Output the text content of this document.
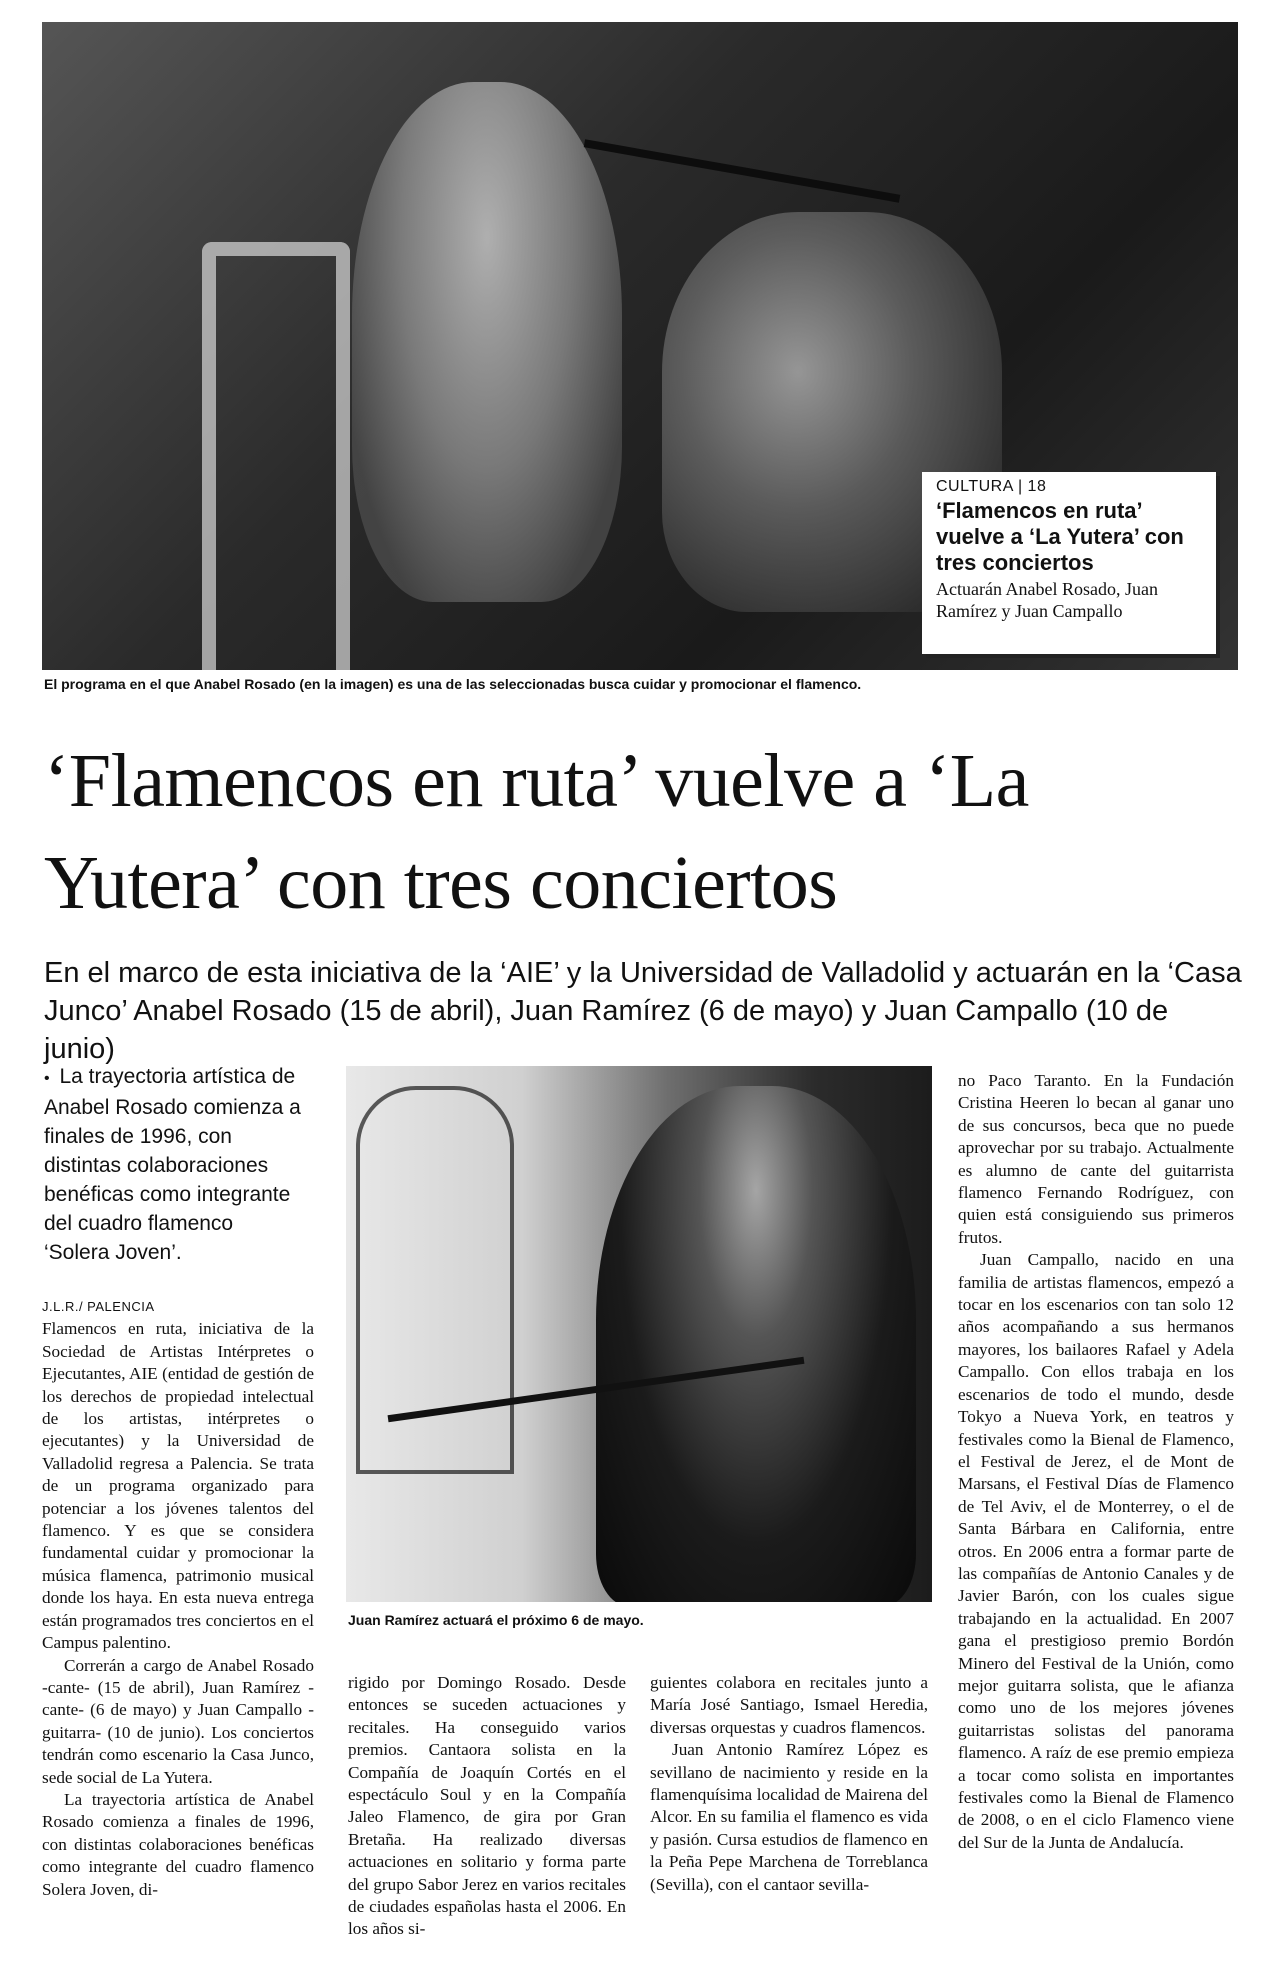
CULTURA | 18
‘Flamencos en ruta’ vuelve a ‘La Yutera’ con tres conciertos
Actuarán Anabel Rosado, Juan Ramírez y Juan Campallo
El programa en el que Anabel Rosado (en la imagen) es una de las seleccionadas busca cuidar y promocionar el flamenco.
‘Flamencos en ruta’ vuelve a ‘La Yutera’ con tres conciertos
En el marco de esta iniciativa de la ‘AIE’ y la Universidad de Valladolid y actuarán en la ‘Casa Junco’ Anabel Rosado (15 de abril), Juan Ramírez (6 de mayo) y Juan Campallo (10 de junio)
• La trayectoria artística de Anabel Rosado comienza a finales de 1996, con distintas colaboraciones benéficas como integrante del cuadro flamenco ‘Solera Joven’.

J.L.R./ PALENCIA

Flamencos en ruta, iniciativa de la Sociedad de Artistas Intérpretes o Ejecutantes, AIE (entidad de gestión de los derechos de propiedad intelectual de los artistas, intérpretes o ejecutantes) y la Universidad de Valladolid regresa a Palencia. Se trata de un programa organizado para potenciar a los jóvenes talentos del flamenco. Y es que se considera fundamental cuidar y promocionar la música flamenca, patrimonio musical donde los haya. En esta nueva entrega están programados tres conciertos en el Campus palentino.

Correrán a cargo de Anabel Rosado -cante- (15 de abril), Juan Ramírez -cante- (6 de mayo) y Juan Campallo -guitarra- (10 de junio). Los conciertos tendrán como escenario la Casa Junco, sede social de La Yutera.

La trayectoria artística de Anabel Rosado comienza a finales de 1996, con distintas colaboraciones benéficas como integrante del cuadro flamenco Solera Joven, di-

Juan Ramírez actuará el próximo 6 de mayo.

rigido por Domingo Rosado. Desde entonces se suceden actuaciones y recitales. Ha conseguido varios premios. Cantaora solista en la Compañía de Joaquín Cortés en el espectáculo Soul y en la Compañía Jaleo Flamenco, de gira por Gran Bretaña. Ha realizado diversas actuaciones en solitario y forma parte del grupo Sabor Jerez en varios recitales de ciudades españolas hasta el 2006. En los años si-

guientes colabora en recitales junto a María José Santiago, Ismael Heredia, diversas orquestas y cuadros flamencos.

Juan Antonio Ramírez López es sevillano de nacimiento y reside en la flamenquísima localidad de Mairena del Alcor. En su familia el flamenco es vida y pasión. Cursa estudios de flamenco en la Peña Pepe Marchena de Torreblanca (Sevilla), con el cantaor sevilla-

no Paco Taranto. En la Fundación Cristina Heeren lo becan al ganar uno de sus concursos, beca que no puede aprovechar por su trabajo. Actualmente es alumno de cante del guitarrista flamenco Fernando Rodríguez, con quien está consiguiendo sus primeros frutos.

Juan Campallo, nacido en una familia de artistas flamencos, empezó a tocar en los escenarios con tan solo 12 años acompañando a sus hermanos mayores, los bailaores Rafael y Adela Campallo. Con ellos trabaja en los escenarios de todo el mundo, desde Tokyo a Nueva York, en teatros y festivales como la Bienal de Flamenco, el Festival de Jerez, el de Mont de Marsans, el Festival Días de Flamenco de Tel Aviv, el de Monterrey, o el de Santa Bárbara en California, entre otros. En 2006 entra a formar parte de las compañías de Antonio Canales y de Javier Barón, con los cuales sigue trabajando en la actualidad. En 2007 gana el prestigioso premio Bordón Minero del Festival de la Unión, como mejor guitarra solista, que le afianza como uno de los mejores jóvenes guitarristas solistas del panorama flamenco. A raíz de ese premio empieza a tocar como solista en importantes festivales como la Bienal de Flamenco de 2008, o en el ciclo Flamenco viene del Sur de la Junta de Andalucía.
